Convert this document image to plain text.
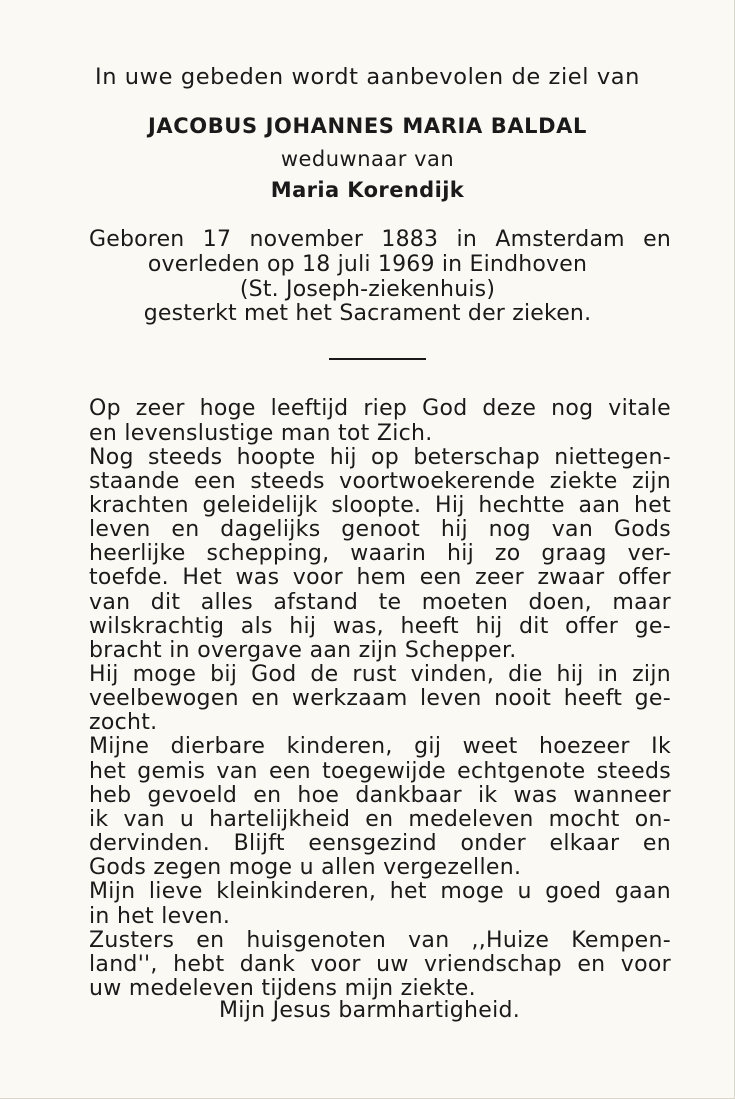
In uwe gebeden wordt aanbevolen de ziel van
JACOBUS JOHANNES MARIA BALDAL
weduwnaar van
Maria Korendijk
Geboren 17 november 1883 in Amsterdam en
overleden op 18 juli 1969 in Eindhoven
(St. Joseph-ziekenhuis)
gesterkt met het Sacrament der zieken.
Op zeer hoge leeftijd riep God deze nog vitale
en levenslustige man tot Zich.
Nog steeds hoopte hij op beterschap niettegen-
staande een steeds voortwoekerende ziekte zijn
krachten geleidelijk sloopte. Hij hechtte aan het
leven en dagelijks genoot hij nog van Gods
heerlijke schepping, waarin hij zo graag ver-
toefde. Het was voor hem een zeer zwaar offer
van dit alles afstand te moeten doen, maar
wilskrachtig als hij was, heeft hij dit offer ge-
bracht in overgave aan zijn Schepper.
Hij moge bij God de rust vinden, die hij in zijn
veelbewogen en werkzaam leven nooit heeft ge-
zocht.
Mijne dierbare kinderen, gij weet hoezeer Ik
het gemis van een toegewijde echtgenote steeds
heb gevoeld en hoe dankbaar ik was wanneer
ik van u hartelijkheid en medeleven mocht on-
dervinden. Blijft eensgezind onder elkaar en
Gods zegen moge u allen vergezellen.
Mijn lieve kleinkinderen, het moge u goed gaan
in het leven.
Zusters en huisgenoten van ,,Huize Kempen-
land'', hebt dank voor uw vriendschap en voor
uw medeleven tijdens mijn ziekte.
Mijn Jesus barmhartigheid.
